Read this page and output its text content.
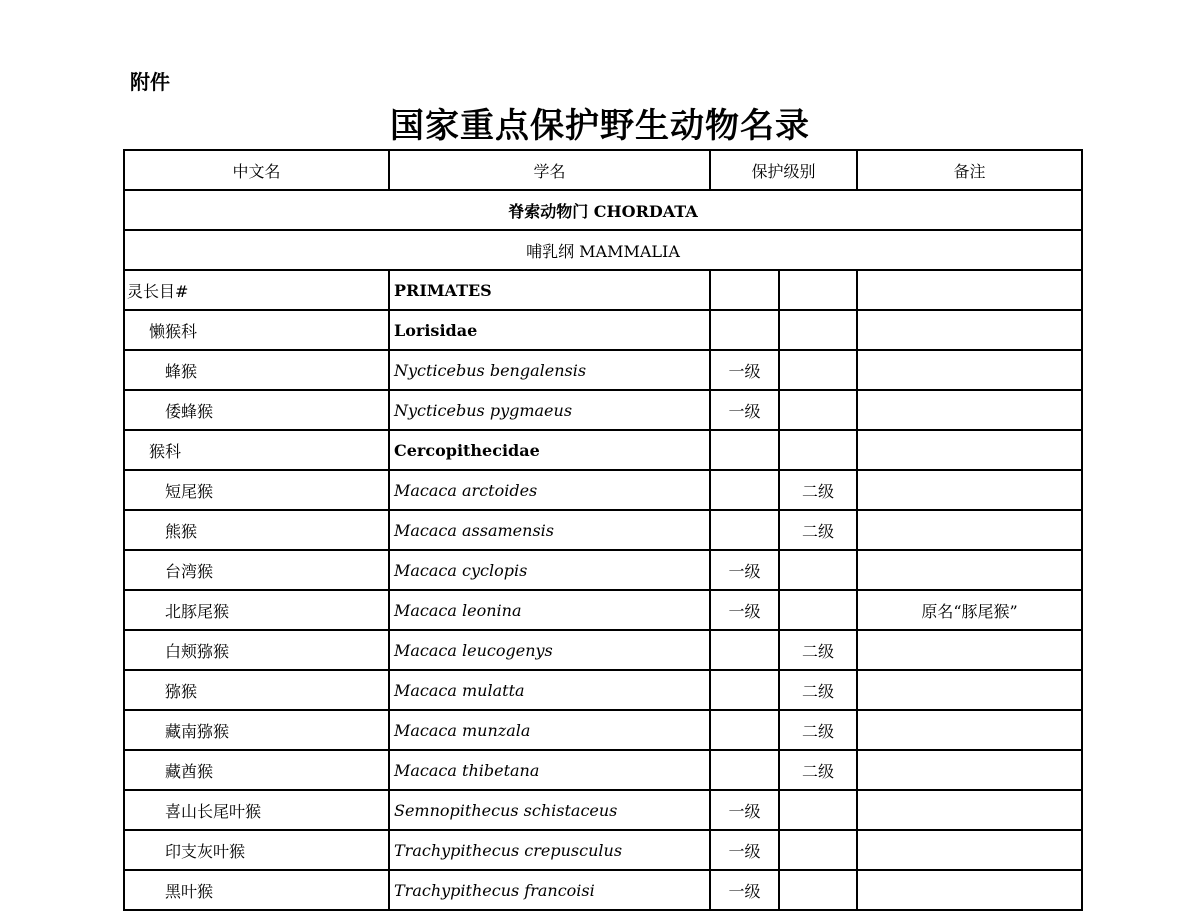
附件
国家重点保护野生动物名录
中文名	学名	保护级别		备注
脊索动物门 CHORDATA				
哺乳纲 MAMMALIA				
灵长目#	PRIMATES			
懒猴科	Lorisidae			
蜂猴	Nycticebus bengalensis	一级		
倭蜂猴	Nycticebus pygmaeus	一级		
猴科	Cercopithecidae			
短尾猴	Macaca arctoides		二级	
熊猴	Macaca assamensis		二级	
台湾猴	Macaca cyclopis	一级		
北豚尾猴	Macaca leonina	一级		原名“豚尾猴”
白颊猕猴	Macaca leucogenys		二级	
猕猴	Macaca mulatta		二级	
藏南猕猴	Macaca munzala		二级	
藏酋猴	Macaca thibetana		二级	
喜山长尾叶猴	Semnopithecus schistaceus	一级		
印支灰叶猴	Trachypithecus crepusculus	一级		
黑叶猴	Trachypithecus francoisi	一级		
